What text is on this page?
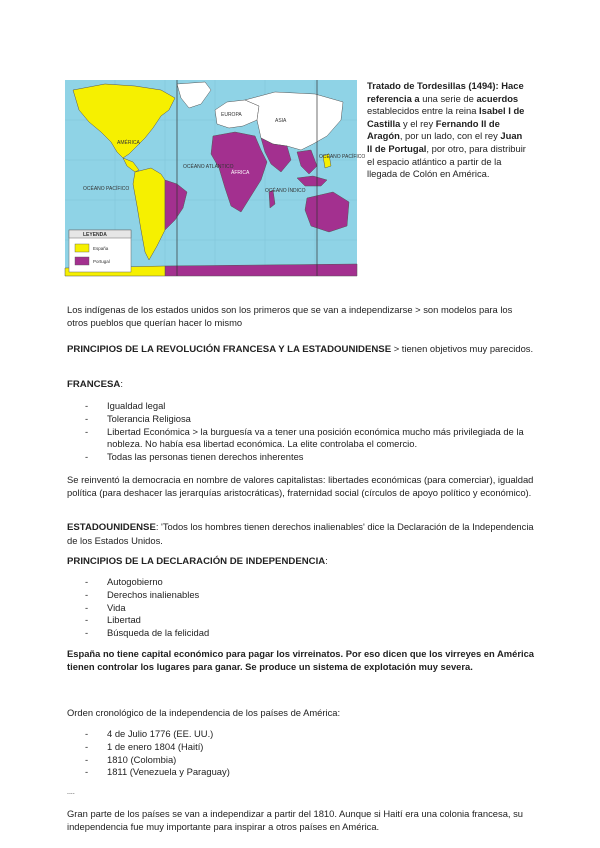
AMÉRICA
EUROPA
ASIA
ÁFRICA
OCÉANO ATLÁNTICO
OCÉANO PACÍFICO
OCÉANO PACÍFICO
OCÉANO ÍNDICO
LEYENDA
España
Portugal
Tratado de Tordesillas (1494): Hace referencia a una serie de acuerdos establecidos entre la reina Isabel I de Castilla y el rey Fernando II de Aragón, por un lado, con el rey Juan II de Portugal, por otro, para distribuir el espacio atlántico a partir de la llegada de Colón en América.

Los indígenas de los estados unidos son los primeros que se van a independizarse > son modelos para los otros pueblos que querían hacer lo mismo

PRINCIPIOS DE LA REVOLUCIÓN FRANCESA Y LA ESTADOUNIDENSE > tienen objetivos muy parecidos.

FRANCESA:

- Igualdad legal
- Tolerancia Religiosa
- Libertad Económica > la burguesía va a tener una posición económica mucho más privilegiada de la nobleza. No había esa libertad económica. La elite controlaba el comercio.
- Todas las personas tienen derechos inherentes

Se reinventó la democracia en nombre de valores capitalistas: libertades económicas (para comerciar), igualdad política (para deshacer las jerarquías aristocráticas), fraternidad social (círculos de apoyo político y económico).

ESTADOUNIDENSE: 'Todos los hombres tienen derechos inalienables' dice la Declaración de la Independencia de los Estados Unidos.

PRINCIPIOS DE LA DECLARACIÓN DE INDEPENDENCIA:

- Autogobierno
- Derechos inalienables
- Vida
- Libertad
- Búsqueda de la felicidad

España no tiene capital económico para pagar los virreinatos. Por eso dicen que los virreyes en América tienen controlar los lugares para ganar. Se produce un sistema de explotación muy severa.

Orden cronológico de la independencia de los países de América:

- 4 de Julio 1776 (EE. UU.)
- 1 de enero 1804 (Haití)
- 1810 (Colombia)
- 1811 (Venezuela y Paraguay)

....

Gran parte de los países se van a independizar a partir del 1810. Aunque si Haití era una colonia francesa, su independencia fue muy importante para inspirar a otros países en América.
